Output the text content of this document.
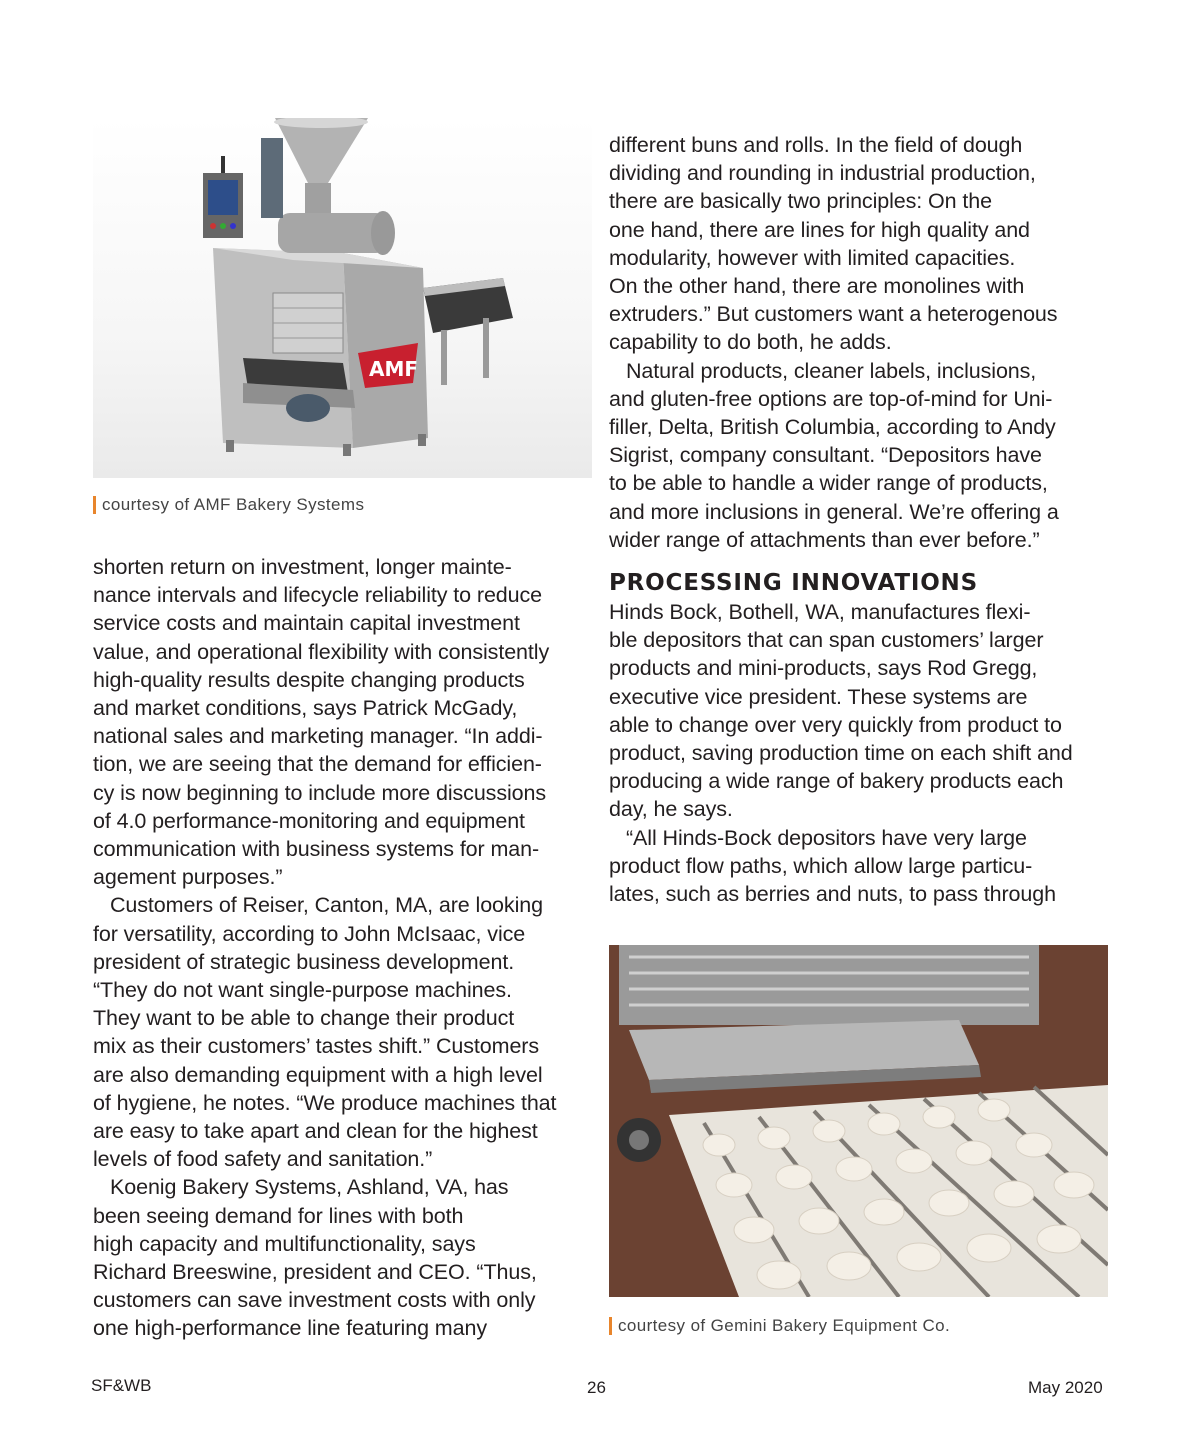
AMF
courtesy of AMF Bakery Systems

shorten return on investment, longer mainte-
nance intervals and lifecycle reliability to reduce
service costs and maintain capital investment
value, and operational flexibility with consistently
high-quality results despite changing products
and market conditions, says Patrick McGady,
national sales and marketing manager. “In addi-
tion, we are seeing that the demand for efficien-
cy is now beginning to include more discussions
of 4.0 performance-monitoring and equipment
communication with business systems for man-
agement purposes.”

Customers of Reiser, Canton, MA, are looking
for versatility, according to John McIsaac, vice
president of strategic business development.
“They do not want single-purpose machines.
They want to be able to change their product
mix as their customers’ tastes shift.” Customers
are also demanding equipment with a high level
of hygiene, he notes. “We produce machines that
are easy to take apart and clean for the highest
levels of food safety and sanitation.”

Koenig Bakery Systems, Ashland, VA, has
been seeing demand for lines with both
high capacity and multifunctionality, says
Richard Breeswine, president and CEO. “Thus,
customers can save investment costs with only
one high-performance line featuring many

different buns and rolls. In the field of dough
dividing and rounding in industrial production,
there are basically two principles: On the
one hand, there are lines for high quality and
modularity, however with limited capacities.
On the other hand, there are monolines with
extruders.” But customers want a heterogenous
capability to do both, he adds.

Natural products, cleaner labels, inclusions,
and gluten-free options are top-of-mind for Uni-
filler, Delta, British Columbia, according to Andy
Sigrist, company consultant. “Depositors have
to be able to handle a wider range of products,
and more inclusions in general. We’re offering a
wider range of attachments than ever before.”

PROCESSING INNOVATIONS

Hinds Bock, Bothell, WA, manufactures flexi-
ble depositors that can span customers’ larger
products and mini-products, says Rod Gregg,
executive vice president. These systems are
able to change over very quickly from product to
product, saving production time on each shift and
producing a wide range of bakery products each
day, he says.

“All Hinds-Bock depositors have very large
product flow paths, which allow large particu-
lates, such as berries and nuts, to pass through

courtesy of Gemini Bakery Equipment Co.
SF&WB	26	May 2020
